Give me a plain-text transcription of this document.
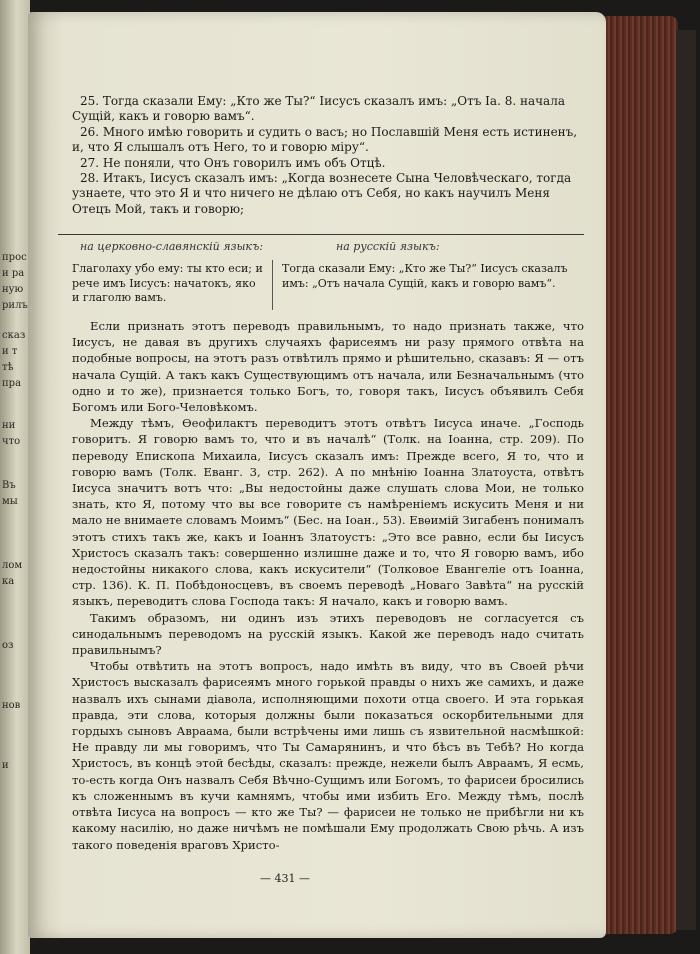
прос
и ра
ную
рилъ
сказ
и т
тѣ
пра
ни
что
Въ
мы
лом
ка
оз
нов
и

25. Тогда сказали Ему: „Кто же Ты?“ Іисусъ сказалъ имъ: „Отъ Іа. 8. начала Сущій, какъ и говорю вамъ“.

26. Много имѣю говорить и судить о васъ; но Пославшій Меня есть истиненъ, и, что Я слышалъ отъ Него, то и говорю міру“.

27. Не поняли, что Онъ говорилъ имъ объ Отцѣ.

28. Итакъ, Іисусъ сказалъ имъ: „Когда вознесете Сына Человѣческаго, тогда узнаете, что это Я и что ничего не дѣлаю отъ Себя, но какъ научилъ Меня Отецъ Мой, такъ и говорю;

на церковно-славянскій языкъ:	на русскій языкъ:
Глаголаху убо ему: ты кто еси; и рече имъ Іисусъ: начатокъ, яко и глаголю вамъ.
Тогда сказали Ему: „Кто же Ты?“ Іисусъ сказалъ имъ: „Отъ начала Сущій, какъ и говорю вамъ“.

Если признать этотъ переводъ правильнымъ, то надо признать также, что Іисусъ, не давая въ другихъ случаяхъ фарисеямъ ни разу прямого отвѣта на подобные вопросы, на этотъ разъ отвѣтилъ прямо и рѣшительно, сказавъ: Я — отъ начала Сущій. А такъ какъ Существующимъ отъ начала, или Безначальнымъ (что одно и то же), признается только Богъ, то, говоря такъ, Іисусъ объявилъ Себя Богомъ или Бого-Человѣкомъ.

Между тѣмъ, Ѳеофилактъ переводитъ этотъ отвѣтъ Іисуса иначе. „Господь говоритъ. Я говорю вамъ то, что и въ началѣ“ (Толк. на Іоанна, стр. 209). По переводу Епископа Михаила, Іисусъ сказалъ имъ: Прежде всего, Я то, что и говорю вамъ (Толк. Еванг. 3, стр. 262). А по мнѣнію Іоанна Златоуста, отвѣтъ Іисуса значитъ вотъ что: „Вы недостойны даже слушать слова Мои, не только знать, кто Я, потому что вы все говорите съ намѣреніемъ искусить Меня и ни мало не внимаете словамъ Моимъ“ (Бес. на Іоан., 53). Евѳимій Зигабенъ понималъ этотъ стихъ такъ же, какъ и Іоаннъ Златоустъ: „Это все равно, если бы Іисусъ Христосъ сказалъ такъ: совершенно излишне даже и то, что Я говорю вамъ, ибо недостойны никакого слова, какъ искусители“ (Толковое Евангеліе отъ Іоанна, стр. 136). К. П. Побѣдоносцевъ, въ своемъ переводѣ „Новаго Завѣта“ на русскій языкъ, переводитъ слова Господа такъ: Я начало, какъ и говорю вамъ.

Такимъ образомъ, ни одинъ изъ этихъ переводовъ не согласуется съ синодальнымъ переводомъ на русскій языкъ. Какой же переводъ надо считать правильнымъ?

Чтобы отвѣтить на этотъ вопросъ, надо имѣть въ виду, что въ Своей рѣчи Христосъ высказалъ фарисеямъ много горькой правды о нихъ же самихъ, и даже назвалъ ихъ сынами діавола, исполняющими похоти отца своего. И эта горькая правда, эти слова, которыя должны были показаться оскорбительными для гордыхъ сыновъ Авраама, были встрѣчены ими лишь съ язвительной насмѣшкой: Не правду ли мы говоримъ, что Ты Самарянинъ, и что бѣсъ въ Тебѣ? Но когда Христосъ, въ концѣ этой бесѣды, сказалъ: прежде, нежели былъ Авраамъ, Я есмь, то-есть когда Онъ назвалъ Себя Вѣчно-Сущимъ или Богомъ, то фарисеи бросились къ сложеннымъ въ кучи камнямъ, чтобы ими избить Его. Между тѣмъ, послѣ отвѣта Іисуса на вопросъ — кто же Ты? — фарисеи не только не прибѣгли ни къ какому насилію, но даже ничѣмъ не помѣшали Ему продолжать Свою рѣчь. А изъ такого поведенія враговъ Христо-

— 431 —
